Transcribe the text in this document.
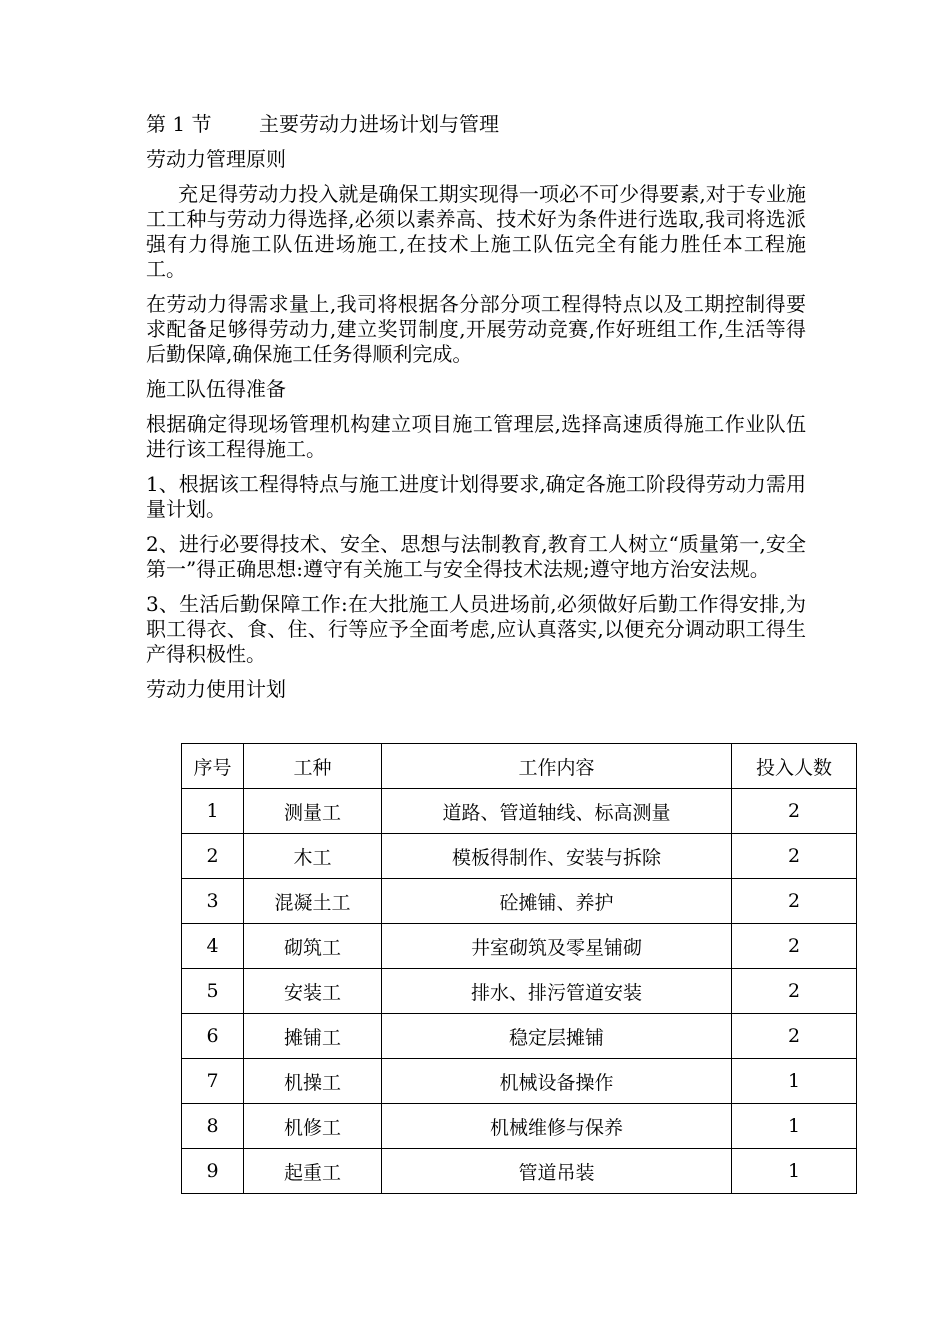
第 1 节 主要劳动力进场计划与管理

劳动力管理原则

充足得劳动力投入就是确保工期实现得一项必不可少得要素,对于专业施工工种与劳动力得选择,必须以素养高、技术好为条件进行选取,我司将选派强有力得施工队伍进场施工,在技术上施工队伍完全有能力胜任本工程施工。

在劳动力得需求量上,我司将根据各分部分项工程得特点以及工期控制得要求配备足够得劳动力,建立奖罚制度,开展劳动竞赛,作好班组工作,生活等得后勤保障,确保施工任务得顺利完成。

施工队伍得准备

根据确定得现场管理机构建立项目施工管理层,选择高速质得施工作业队伍进行该工程得施工。

1、根据该工程得特点与施工进度计划得要求,确定各施工阶段得劳动力需用量计划。

2、进行必要得技术、安全、思想与法制教育,教育工人树立“质量第一,安全第一”得正确思想:遵守有关施工与安全得技术法规;遵守地方治安法规。

3、生活后勤保障工作:在大批施工人员进场前,必须做好后勤工作得安排,为职工得衣、食、住、行等应予全面考虑,应认真落实,以便充分调动职工得生产得积极性。

劳动力使用计划

序号	工种	工作内容	投入人数
1	测量工	道路、管道轴线、标高测量	2
2	木工	模板得制作、安装与拆除	2
3	混凝土工	砼摊铺、养护	2
4	砌筑工	井室砌筑及零星铺砌	2
5	安装工	排水、排污管道安装	2
6	摊铺工	稳定层摊铺	2
7	机操工	机械设备操作	1
8	机修工	机械维修与保养	1
9	起重工	管道吊装	1
